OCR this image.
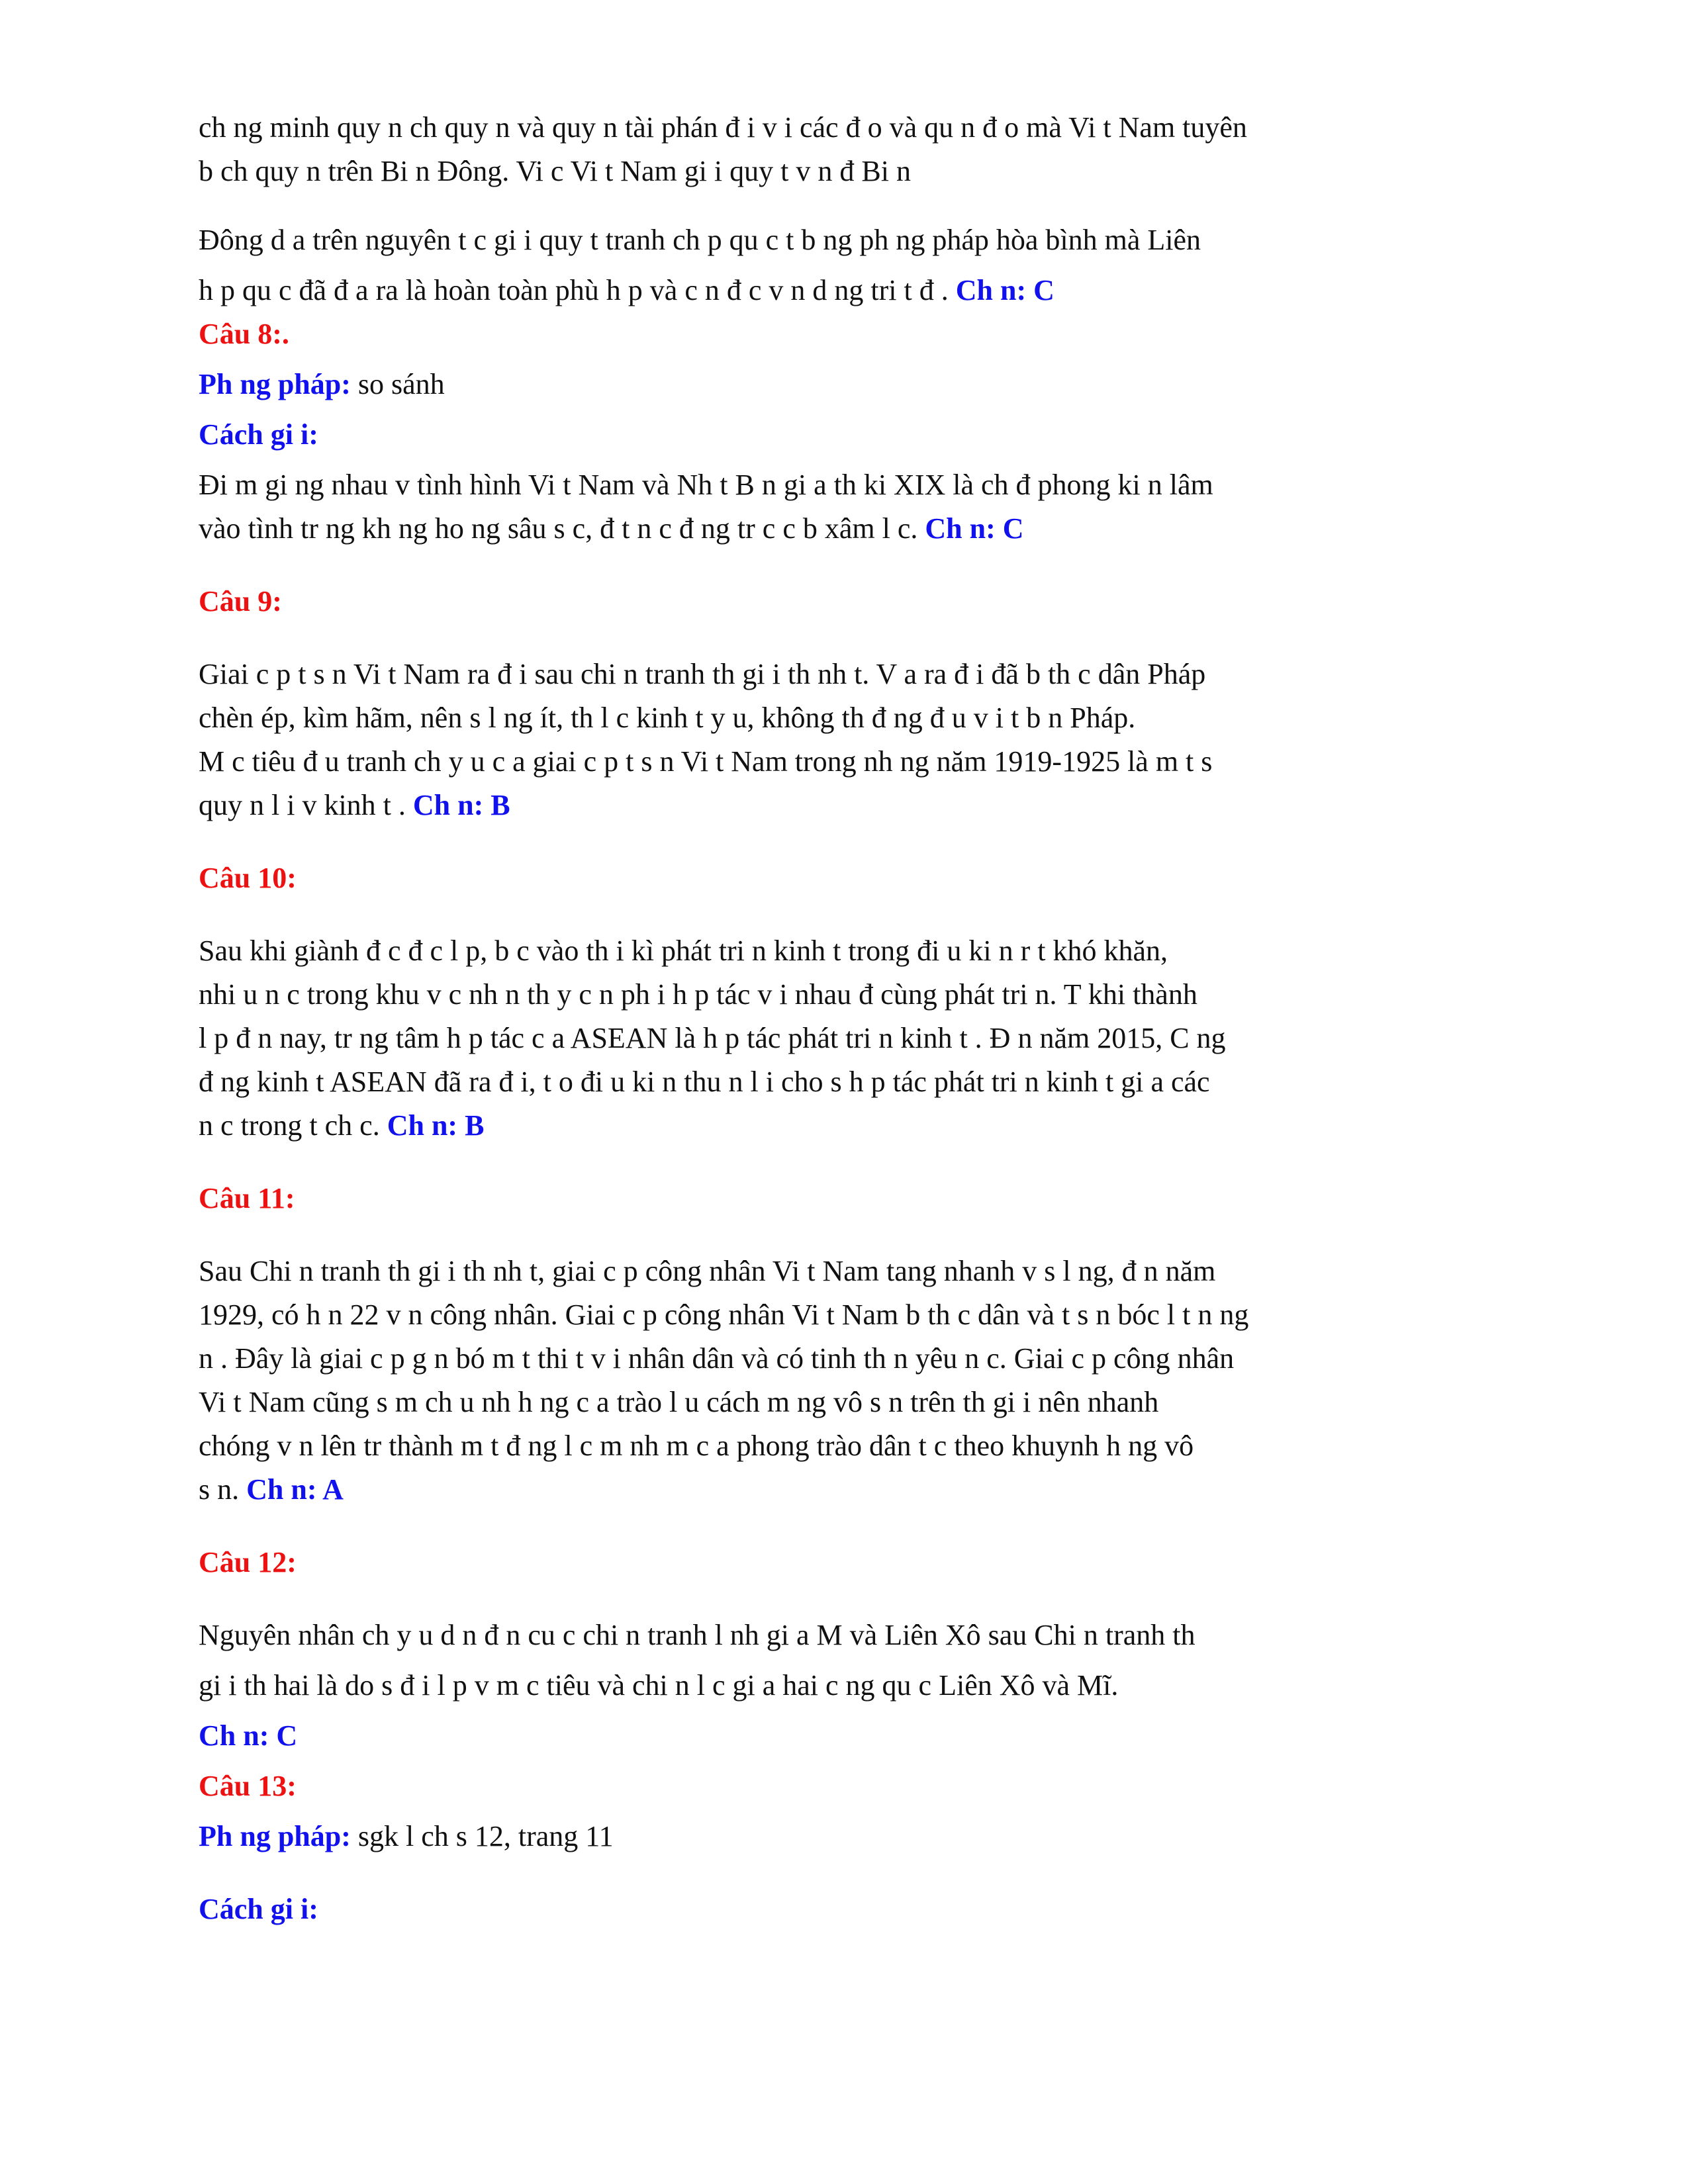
ch ng minh quy n ch quy n và quy n tài phán đ i v i các đ o và qu n đ o mà Vi t Nam tuyên

b ch quy n trên Bi n Đông. Vi c Vi t Nam gi i quy t v n đ Bi n

Đông d a trên nguyên t c gi i quy t tranh ch p qu c t b ng ph ng pháp hòa bình mà Liên

h p qu c đã đ a ra là hoàn toàn phù h p và c n đ c v n d ng tri t đ . Ch n: C

Câu 8:.

Ph ng pháp: so sánh

Cách gi i:

Đi m gi ng nhau v tình hình Vi t Nam và Nh t B n gi a th ki XIX là ch đ phong ki n lâm

vào tình tr ng kh ng ho ng sâu s c, đ t n c đ ng tr c c b xâm l c. Ch n: C

Câu 9:

Giai c p t s n Vi t Nam ra đ i sau chi n tranh th gi i th nh t. V a ra đ i đã b th c dân Pháp

chèn ép, kìm hãm, nên s l ng ít, th l c kinh t y u, không th đ ng đ u v i t b n Pháp.

M c tiêu đ u tranh ch y u c a giai c p t s n Vi t Nam trong nh ng năm 1919-1925 là m t s

quy n l i v kinh t . Ch n: B

Câu 10:

Sau khi giành đ c đ c l p, b c vào th i kì phát tri n kinh t trong đi u ki n r t khó khăn,

nhi u n c trong khu v c nh n th y c n ph i h p tác v i nhau đ cùng phát tri n. T khi thành

l p đ n nay, tr ng tâm h p tác c a ASEAN là h p tác phát tri n kinh t . Đ n năm 2015, C ng

đ ng kinh t ASEAN đã ra đ i, t o đi u ki n thu n l i cho s h p tác phát tri n kinh t gi a các

n c trong t ch c. Ch n: B

Câu 11:

Sau Chi n tranh th gi i th nh t, giai c p công nhân Vi t Nam tang nhanh v s l ng, đ n năm

1929, có h n 22 v n công nhân. Giai c p công nhân Vi t Nam b th c dân và t s n bóc l t n ng

n . Đây là giai c p g n bó m t thi t v i nhân dân và có tinh th n yêu n c. Giai c p công nhân

Vi t Nam cũng s m ch u nh h ng c a trào l u cách m ng vô s n trên th gi i nên nhanh

chóng v n lên tr thành m t đ ng l c m nh m c a phong trào dân t c theo khuynh h ng vô

s n. Ch n: A

Câu 12:

Nguyên nhân ch y u d n đ n cu c chi n tranh l nh gi a M và Liên Xô sau Chi n tranh th

gi i th hai là do s đ i l p v m c tiêu và chi n l c gi a hai c ng qu c Liên Xô và Mĩ.

Ch n: C

Câu 13:

Ph ng pháp: sgk l ch s 12, trang 11

Cách gi i:
